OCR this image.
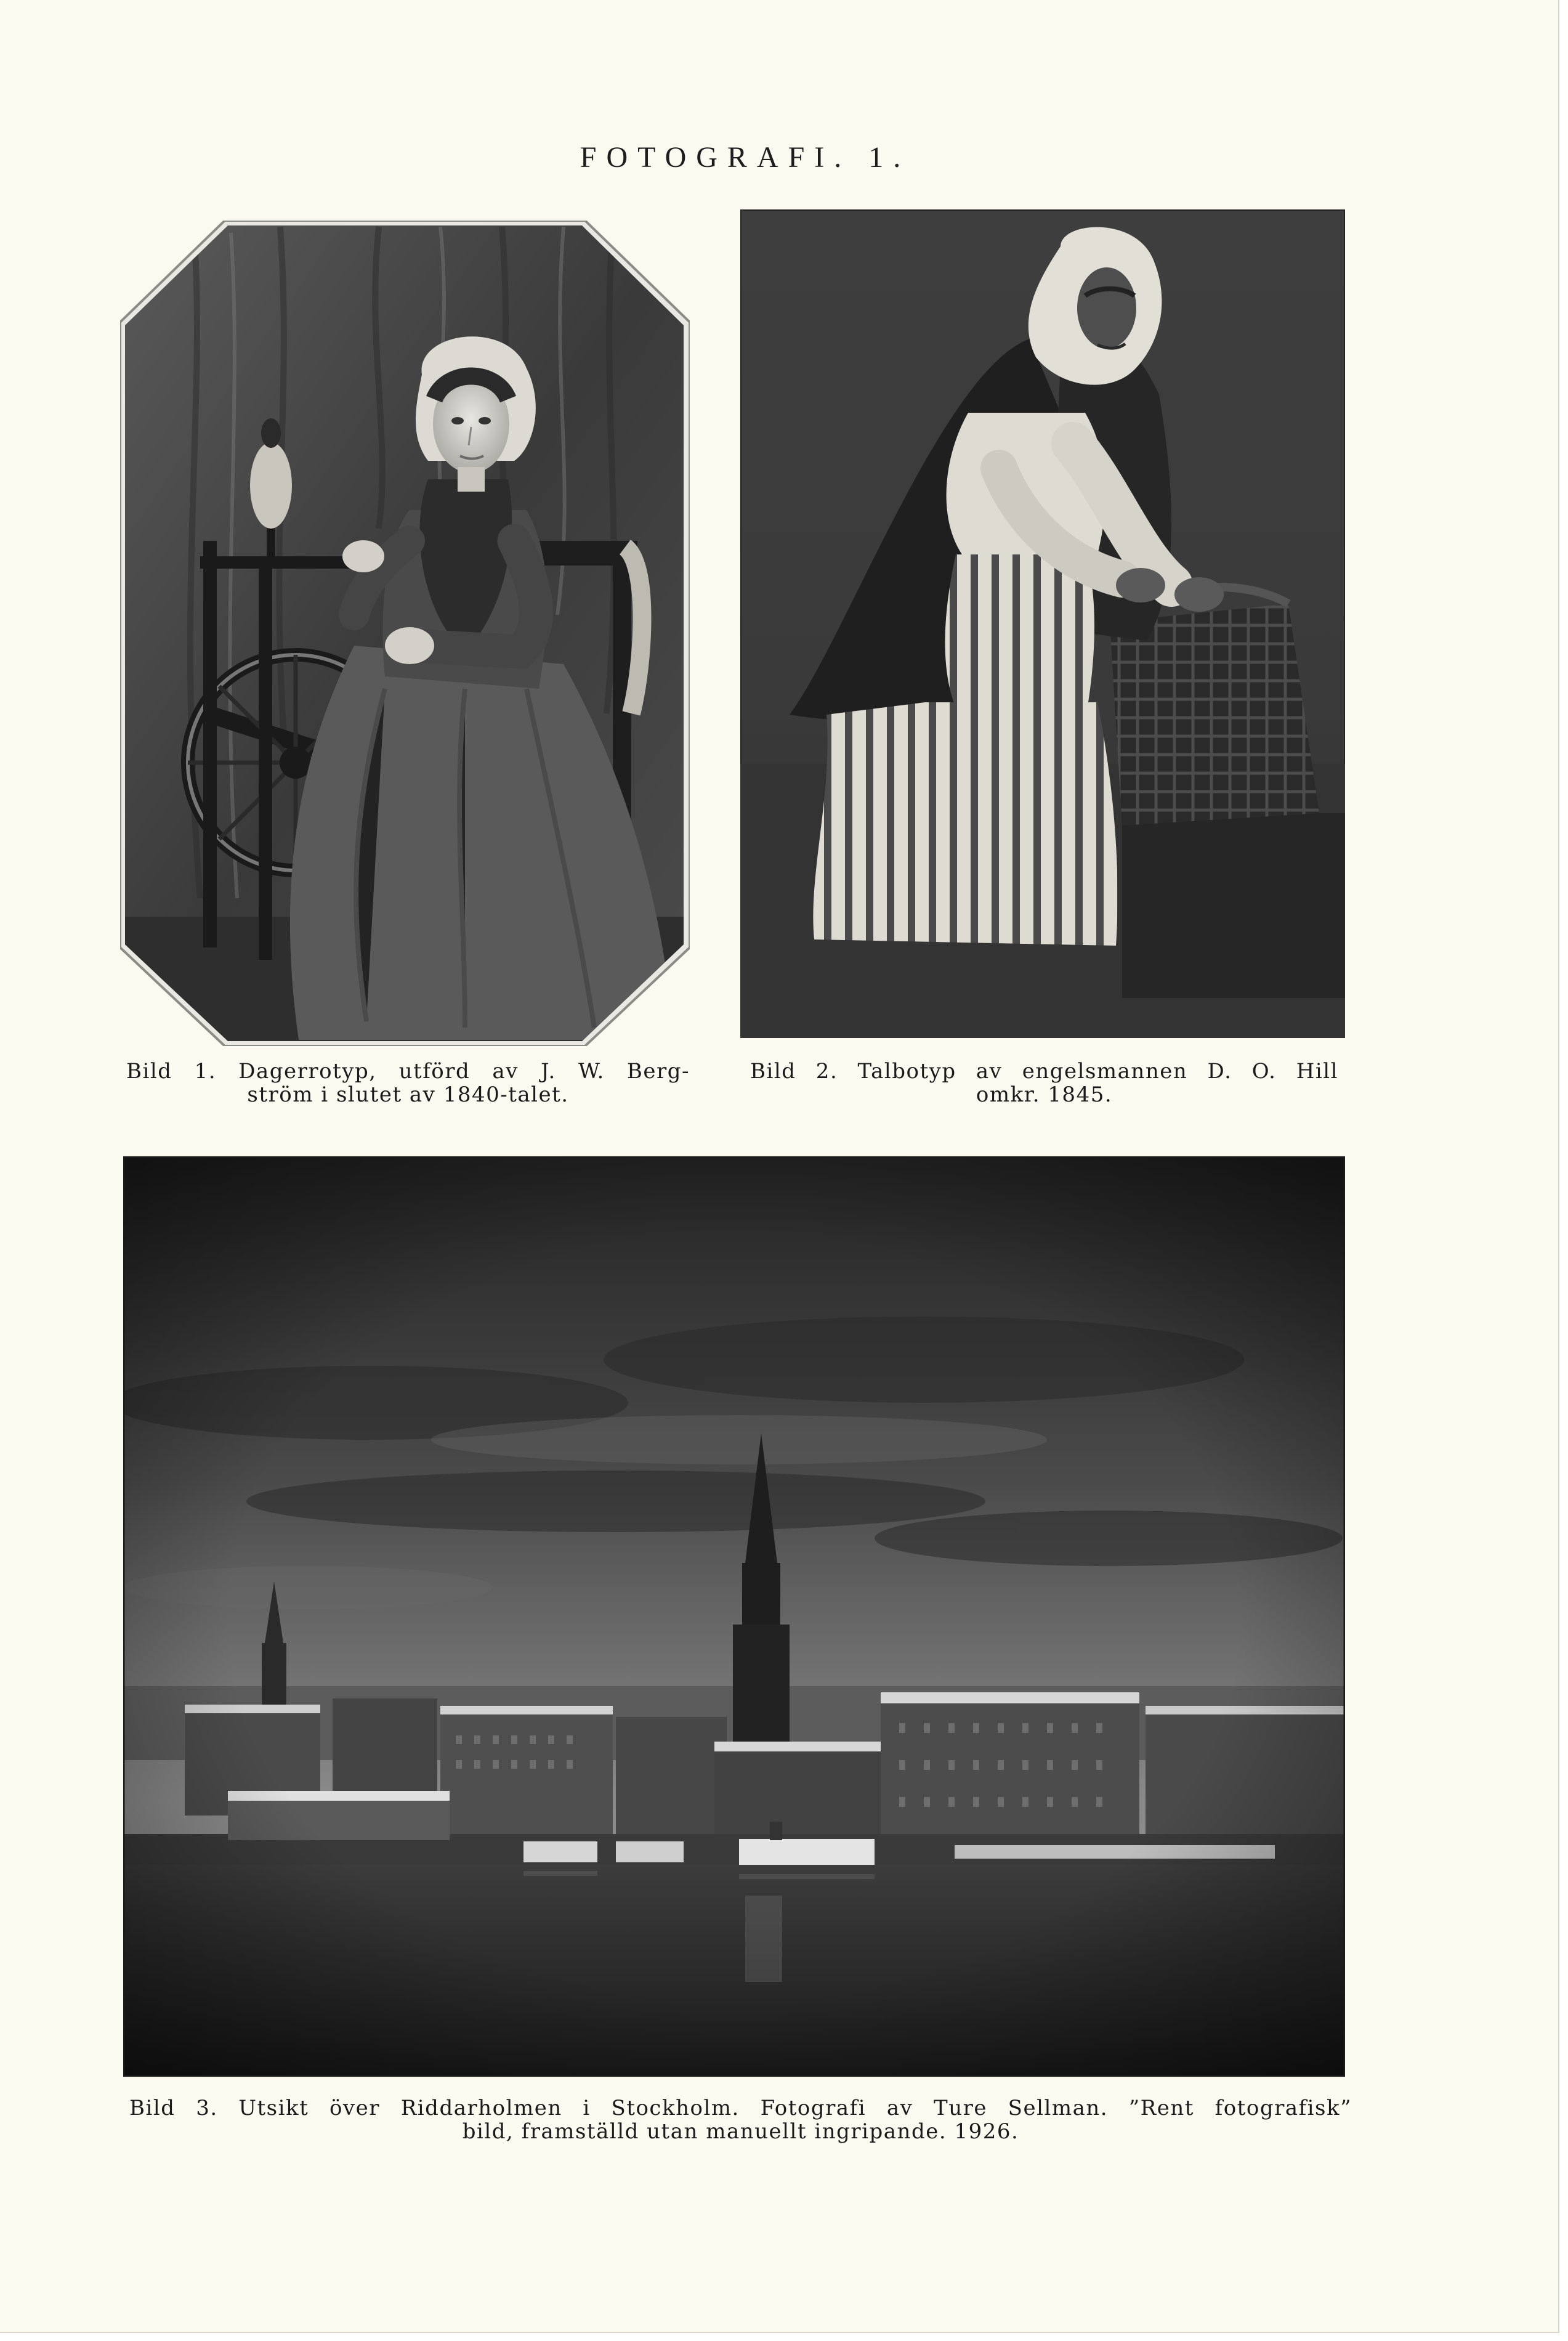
FOTOGRAFI. 1.
Bild 1. Dagerrotyp, utförd av J. W. Berg-
ström i slutet av 1840-talet.
Bild 2. Talbotyp av engelsmannen D. O. Hill
omkr. 1845.
Bild 3. Utsikt över Riddarholmen i Stockholm. Fotografi av Ture Sellman. ”Rent fotografisk”
bild, framställd utan manuellt ingripande. 1926.
